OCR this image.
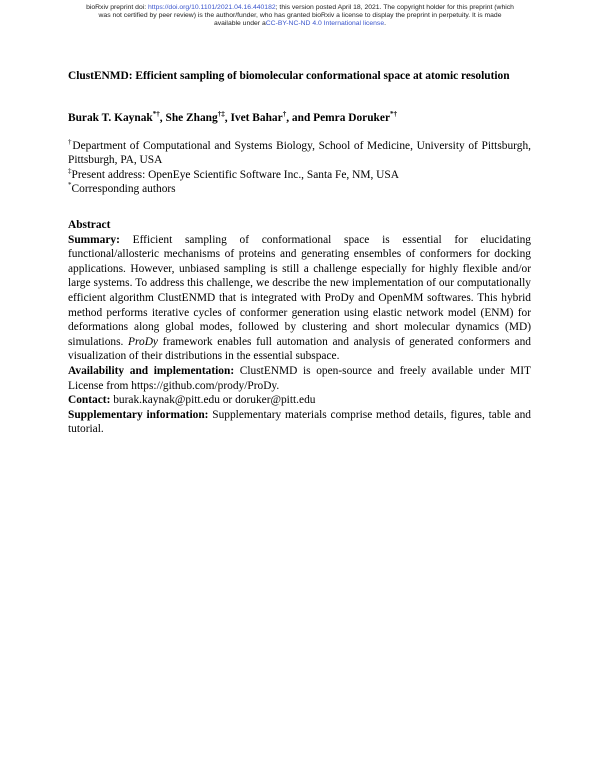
bioRxiv preprint doi: https://doi.org/10.1101/2021.04.16.440182; this version posted April 18, 2021. The copyright holder for this preprint (which
was not certified by peer review) is the author/funder, who has granted bioRxiv a license to display the preprint in perpetuity. It is made
available under aCC-BY-NC-ND 4.0 International license.
ClustENMD: Efficient sampling of biomolecular conformational space at atomic resolution

Burak T. Kaynak*†, She Zhang†‡, Ivet Bahar†, and Pemra Doruker*†

†Department of Computational and Systems Biology, School of Medicine, University of Pittsburgh, Pittsburgh, PA, USA

‡Present address: OpenEye Scientific Software Inc., Santa Fe, NM, USA

*Corresponding authors

Abstract

Summary: Efficient sampling of conformational space is essential for elucidating functional/allosteric mechanisms of proteins and generating ensembles of conformers for docking applications. However, unbiased sampling is still a challenge especially for highly flexible and/or large systems. To address this challenge, we describe the new implementation of our computationally efficient algorithm ClustENMD that is integrated with ProDy and OpenMM softwares. This hybrid method performs iterative cycles of conformer generation using elastic network model (ENM) for deformations along global modes, followed by clustering and short molecular dynamics (MD) simulations. ProDy framework enables full automation and analysis of generated conformers and visualization of their distributions in the essential subspace.

Availability and implementation: ClustENMD is open-source and freely available under MIT License from https://github.com/prody/ProDy.

Contact: burak.kaynak@pitt.edu or doruker@pitt.edu

Supplementary information: Supplementary materials comprise method details, figures, table and tutorial.
